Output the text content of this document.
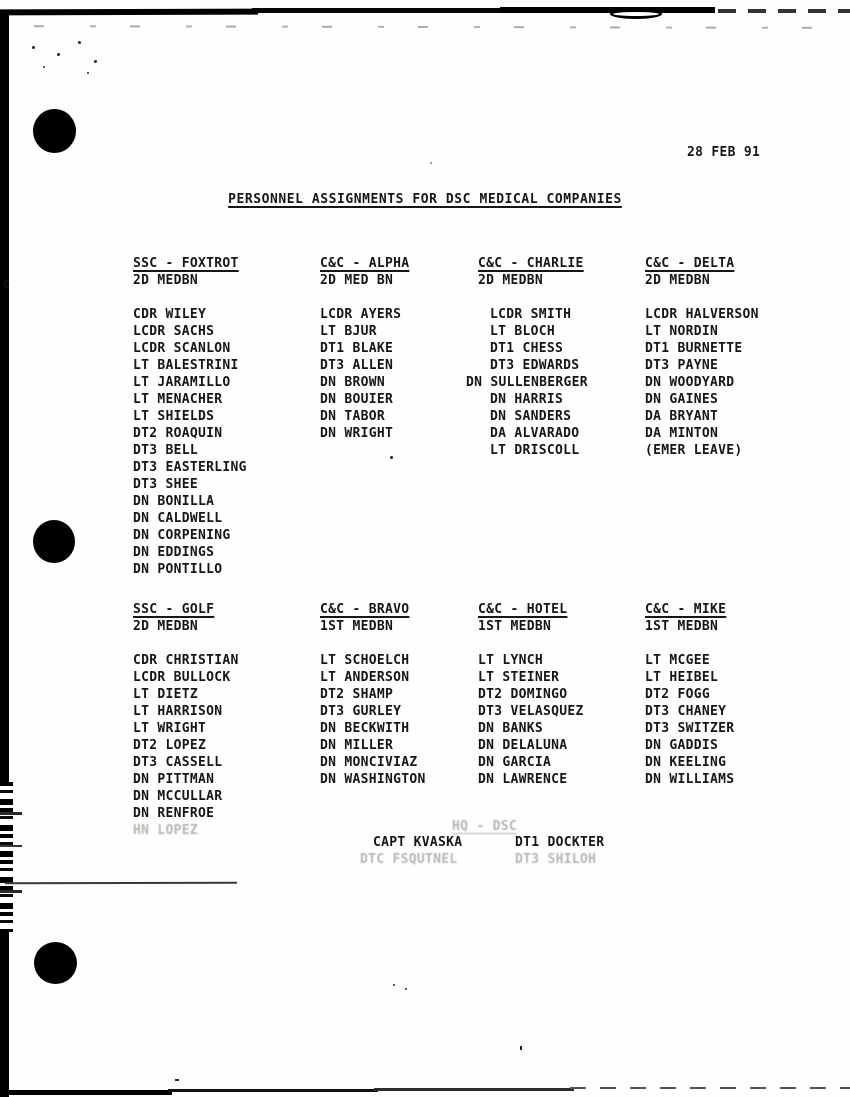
C
28 FEB 91
PERSONNEL ASSIGNMENTS FOR DSC MEDICAL COMPANIES
SSC - FOXTROT
2D MEDBN
CDR WILEY
LCDR SACHS
LCDR SCANLON
LT BALESTRINI
LT JARAMILLO
LT MENACHER
LT SHIELDS
DT2 ROAQUIN
DT3 BELL
DT3 EASTERLING
DT3 SHEE
DN BONILLA
DN CALDWELL
DN CORPENING
DN EDDINGS
DN PONTILLO
C&C - ALPHA
2D MED BN
LCDR AYERS
LT BJUR
DT1 BLAKE
DT3 ALLEN
DN BROWN
DN BOUIER
DN TABOR
DN WRIGHT
C&C - CHARLIE
2D MEDBN
LCDR SMITH
LT BLOCH
DT1 CHESS
DT3 EDWARDS
DN SULLENBERGER
DN HARRIS
DN SANDERS
DA ALVARADO
LT DRISCOLL
C&C - DELTA
2D MEDBN
LCDR HALVERSON
LT NORDIN
DT1 BURNETTE
DT3 PAYNE
DN WOODYARD
DN GAINES
DA BRYANT
DA MINTON
(EMER LEAVE)
SSC - GOLF
2D MEDBN
CDR CHRISTIAN
LCDR BULLOCK
LT DIETZ
LT HARRISON
LT WRIGHT
DT2 LOPEZ
DT3 CASSELL
DN PITTMAN
DN MCCULLAR
DN RENFROE
HN LOPEZ
C&C - BRAVO
1ST MEDBN
LT SCHOELCH
LT ANDERSON
DT2 SHAMP
DT3 GURLEY
DN BECKWITH
DN MILLER
DN MONCIVIAZ
DN WASHINGTON
C&C - HOTEL
1ST MEDBN
LT LYNCH
LT STEINER
DT2 DOMINGO
DT3 VELASQUEZ
DN BANKS
DN DELALUNA
DN GARCIA
DN LAWRENCE
C&C - MIKE
1ST MEDBN
LT MCGEE
LT HEIBEL
DT2 FOGG
DT3 CHANEY
DT3 SWITZER
DN GADDIS
DN KEELING
DN WILLIAMS
HQ - DSC
CAPT KVASKA	DT1 DOCKTER
DTC FSQUTNEL	DT3 SHILOH
